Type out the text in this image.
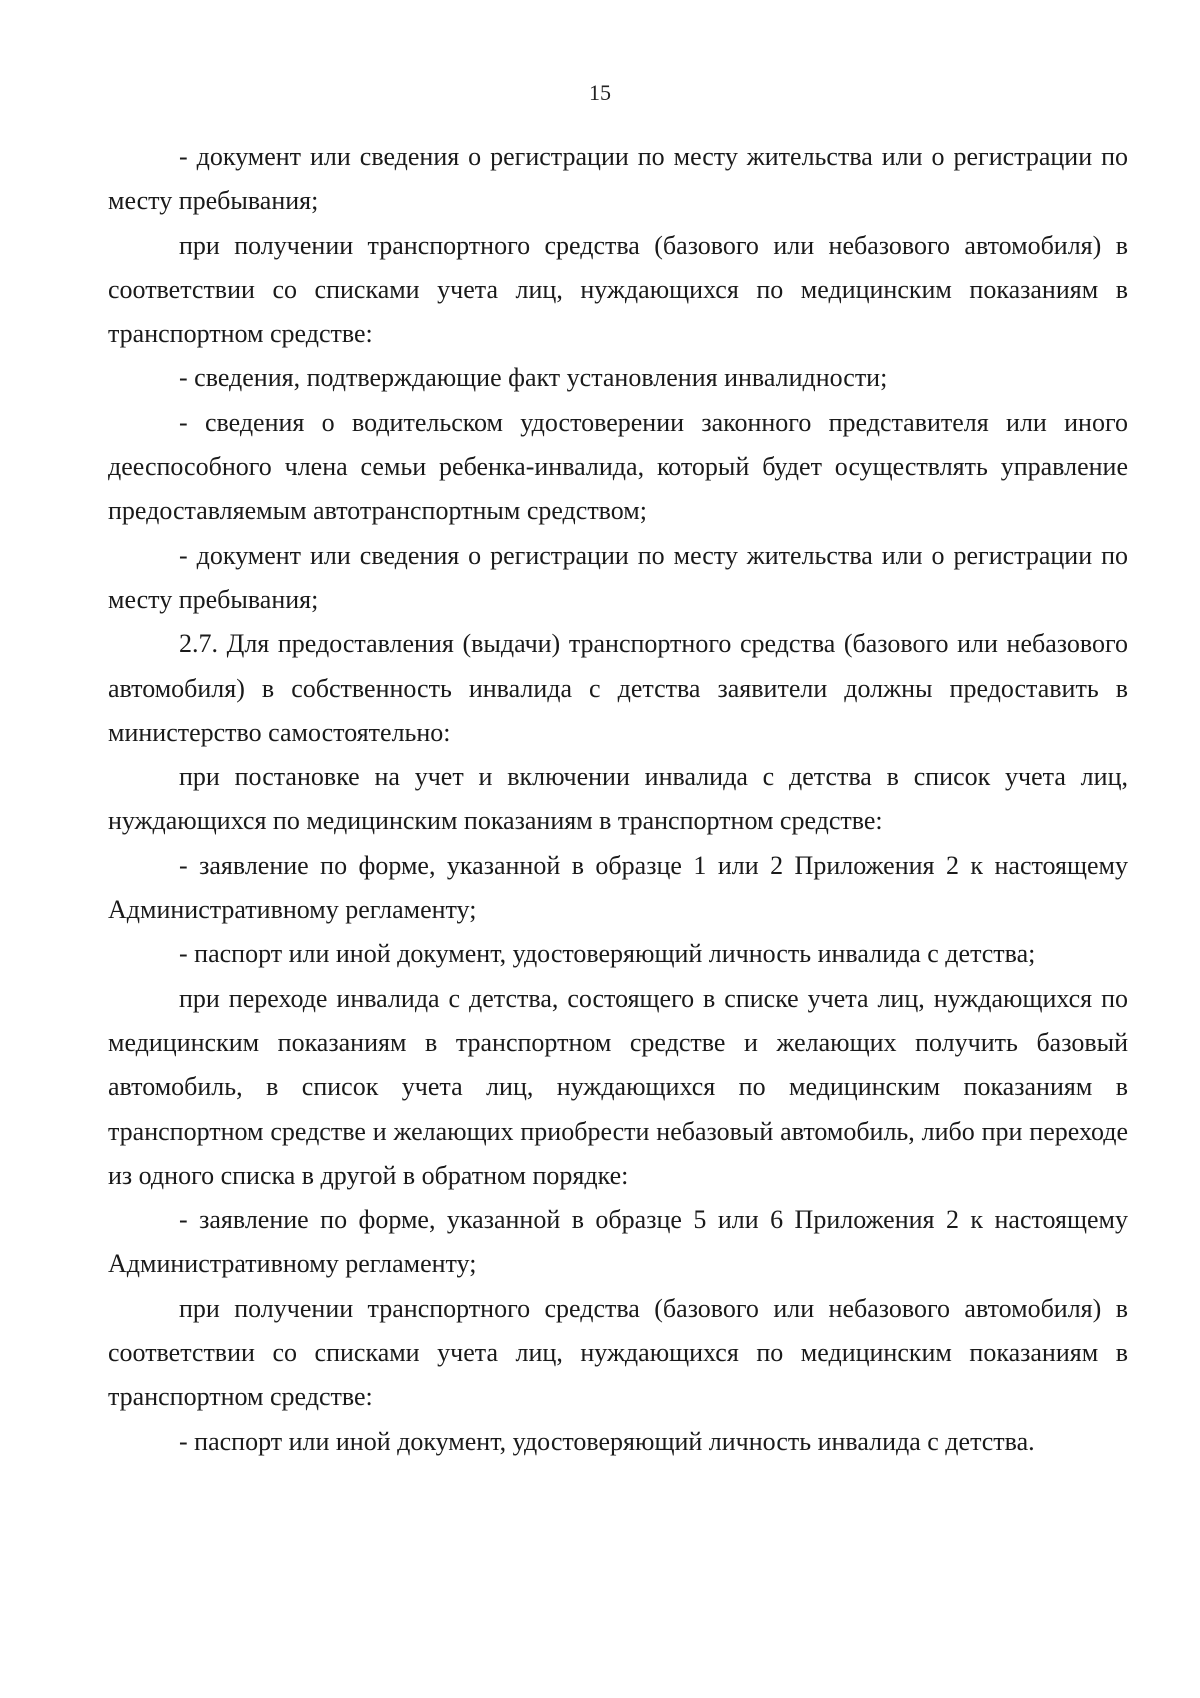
15

- документ или сведения о регистрации по месту жительства или о регистрации по месту пребывания;

при получении транспортного средства (базового или небазового автомобиля) в соответствии со списками учета лиц, нуждающихся по медицинским показаниям в транспортном средстве:

- сведения, подтверждающие факт установления инвалидности;

- сведения о водительском удостоверении законного представителя или иного дееспособного члена семьи ребенка-инвалида, который будет осуществлять управление предоставляемым автотранспортным средством;

- документ или сведения о регистрации по месту жительства или о регистрации по месту пребывания;

2.7. Для предоставления (выдачи) транспортного средства (базового или небазового автомобиля) в собственность инвалида с детства заявители должны предоставить в министерство самостоятельно:

при постановке на учет и включении инвалида с детства в список учета лиц, нуждающихся по медицинским показаниям в транспортном средстве:

- заявление по форме, указанной в образце 1 или 2 Приложения 2 к настоящему Административному регламенту;

- паспорт или иной документ, удостоверяющий личность инвалида с детства;

при переходе инвалида с детства, состоящего в списке учета лиц, нуждающихся по медицинским показаниям в транспортном средстве и желающих получить базовый автомобиль, в список учета лиц, нуждающихся по медицинским показаниям в транспортном средстве и желающих приобрести небазовый автомобиль, либо при переходе из одного списка в другой в обратном порядке:

- заявление по форме, указанной в образце 5 или 6 Приложения 2 к настоящему Административному регламенту;

при получении транспортного средства (базового или небазового автомобиля) в соответствии со списками учета лиц, нуждающихся по медицинским показаниям в транспортном средстве:

- паспорт или иной документ, удостоверяющий личность инвалида с детства.
